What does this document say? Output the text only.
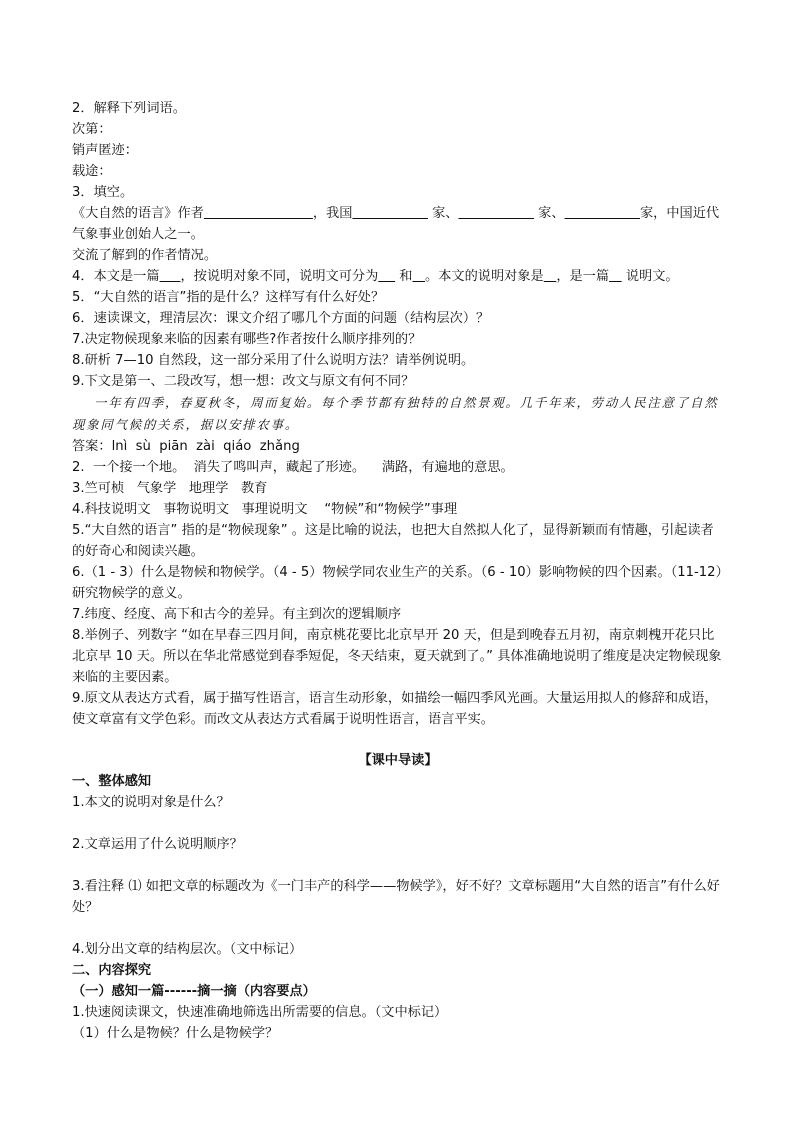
2．解释下列词语。

次第：

销声匿迹：

载途：

3．填空。

《大自然的语言》作者	，我国	家、	家、	家，中国近代气象事业创始人之一。

交流了解到的作者情况。

4．本文是一篇 ，按说明对象不同，说明文可分为 和 。本文的说明对象是 ，是一篇 说明文。

5．“大自然的语言”指的是什么？这样写有什么好处？

6．速读课文，理清层次：课文介绍了哪几个方面的问题（结构层次）？

7.决定物候现象来临的因素有哪些?作者按什么顺序排列的？

8.研析 7—10 自然段，这一部分采用了什么说明方法？请举例说明。

9.下文是第一、二段改写，想一想：改文与原文有何不同？

一年有四季，春夏秋冬，周而复始。每个季节都有独特的自然景观。几千年来，劳动人民注意了自然现象同气候的关系，据以安排农事。

答案：lnì  sù  piān  zài  qiáo  zhǎng

2.  一个接一个地。  消失了鸣叫声，藏起了形迹。    满路，有遍地的意思。

3.竺可桢   气象学   地理学   教育

4.科技说明文   事物说明文   事理说明文    “物候”和“物候学”事理

5.“大自然的语言” 指的是“物候现象” 。这是比喻的说法，也把大自然拟人化了，显得新颖而有情趣，引起读者的好奇心和阅读兴趣。

6.（1 - 3）什么是物候和物候学。（4 - 5）物候学同农业生产的关系。（6 - 10）影响物候的四个因素。（11-12）研究物候学的意义。

7.纬度、经度、高下和古今的差异。有主到次的逻辑顺序

8.举例子、列数字 “如在早春三四月间，南京桃花要比北京早开 20 天，但是到晚春五月初，南京刺槐开花只比北京早 10 天。所以在华北常感觉到春季短促，冬天结束，夏天就到了。” 具体准确地说明了维度是决定物候现象来临的主要因素。

9.原文从表达方式看，属于描写性语言，语言生动形象，如描绘一幅四季风光画。大量运用拟人的修辞和成语，使文章富有文学色彩。而改文从表达方式看属于说明性语言，语言平实。

【课中导读】

一、整体感知

1.本文的说明对象是什么？

2.文章运用了什么说明顺序？

3.看注释 ⑴ 如把文章的标题改为《一门丰产的科学——物候学》，好不好？文章标题用“大自然的语言”有什么好处？

4.划分出文章的结构层次。（文中标记）

二、内容探究

（一）感知一篇------摘一摘（内容要点）

1.快速阅读课文，快速准确地筛选出所需要的信息。（文中标记）

（1）什么是物候？什么是物候学？
